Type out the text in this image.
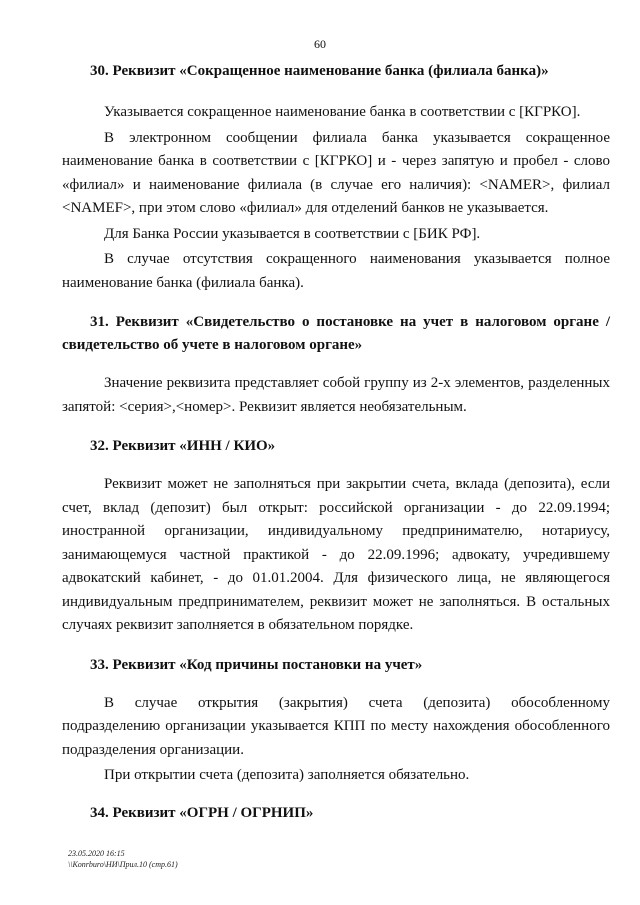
60

30. Реквизит «Сокращенное наименование банка (филиала банка)»

Указывается сокращенное наименование банка в соответствии с [КГРКО].

В электронном сообщении филиала банка указывается сокращенное наименование банка в соответствии с [КГРКО] и - через запятую и пробел - слово «филиал» и наименование филиала (в случае его наличия): <NAMER>, филиал <NAMEF>, при этом слово «филиал» для отделений банков не указывается.

Для Банка России указывается в соответствии с [БИК РФ].

В случае отсутствия сокращенного наименования указывается полное наименование банка (филиала банка).

31. Реквизит «Свидетельство о постановке на учет в налоговом органе / свидетельство об учете в налоговом органе»

Значение реквизита представляет собой группу из 2-х элементов, разделенных запятой: <серия>,<номер>. Реквизит является необязательным.

32. Реквизит «ИНН / КИО»

Реквизит может не заполняться при закрытии счета, вклада (депозита), если счет, вклад (депозит) был открыт: российской организации - до 22.09.1994; иностранной организации, индивидуальному предпринимателю, нотариусу, занимающемуся частной практикой - до 22.09.1996; адвокату, учредившему адвокатский кабинет, - до 01.01.2004. Для физического лица, не являющегося индивидуальным предпринимателем, реквизит может не заполняться. В остальных случаях реквизит заполняется в обязательном порядке.

33. Реквизит «Код причины постановки на учет»

В случае открытия (закрытия) счета (депозита) обособленному подразделению организации указывается КПП по месту нахождения обособленного подразделения организации.

При открытии счета (депозита) заполняется обязательно.

34. Реквизит «ОГРН / ОГРНИП»

23.05.2020 16:15
\\Konrburo\НИ\Прил.10 (стр.61)
